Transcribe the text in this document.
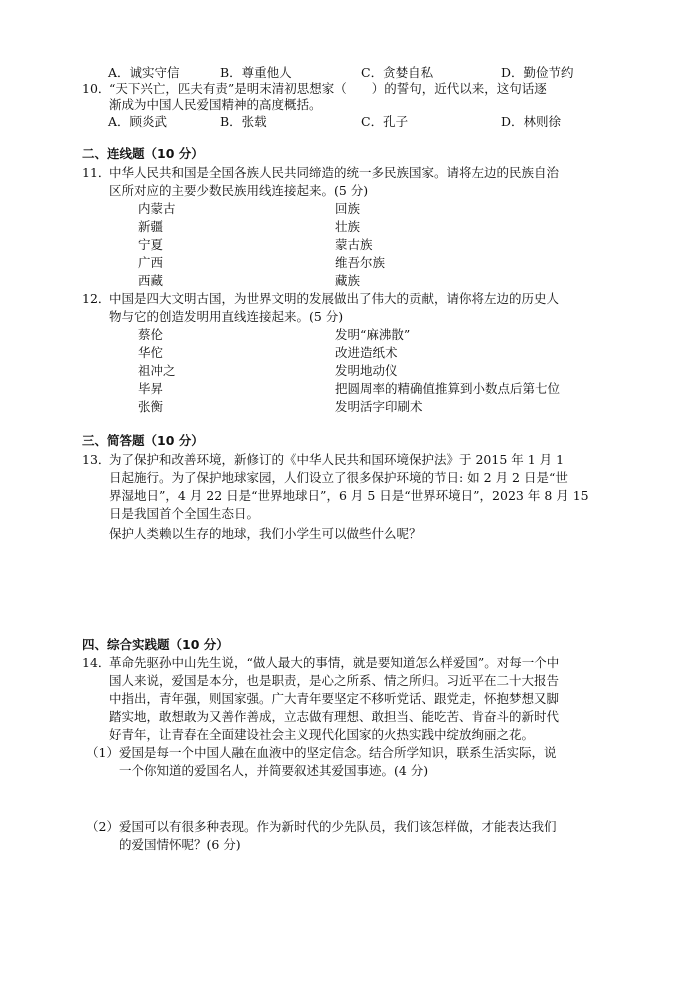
A．诚实守信	B．尊重他人	C．贪婪自私	D．勤俭节约
10．
“天下兴亡，匹夫有责”是明末清初思想家（　　）的誓句，近代以来，这句话逐
渐成为中国人民爱国精神的高度概括。
A．顾炎武	B．张载	C．孔子	D．林则徐
二、连线题（10 分）
11．
中华人民共和国是全国各族人民共同缔造的统一多民族国家。请将左边的民族自治
区所对应的主要少数民族用线连接起来。(5 分)
内蒙古	回族
新疆	壮族
宁夏	蒙古族
广西	维吾尔族
西藏	藏族
12．
中国是四大文明古国，为世界文明的发展做出了伟大的贡献，请你将左边的历史人
物与它的创造发明用直线连接起来。(5 分)
蔡伦	发明“麻沸散”
华佗	改进造纸术
祖冲之	发明地动仪
毕昇	把圆周率的精确值推算到小数点后第七位
张衡	发明活字印刷术
三、简答题（10 分）
13．
为了保护和改善环境，新修订的《中华人民共和国环境保护法》于 2015 年 1 月 1
日起施行。为了保护地球家园，人们设立了很多保护环境的节日: 如 2 月 2 日是“世
界湿地日”，4 月 22 日是“世界地球日”，6 月 5 日是“世界环境日”，2023 年 8 月 15
日是我国首个全国生态日。
保护人类赖以生存的地球，我们小学生可以做些什么呢？
四、综合实践题（10 分）
14．
革命先驱孙中山先生说，“做人最大的事情，就是要知道怎么样爱国”。对每一个中
国人来说，爱国是本分，也是职责，是心之所系、情之所归。习近平在二十大报告
中指出，青年强，则国家强。广大青年要坚定不移听党话、跟党走，怀抱梦想又脚
踏实地，敢想敢为又善作善成，立志做有理想、敢担当、能吃苦、肯奋斗的新时代
好青年，让青春在全面建设社会主义现代化国家的火热实践中绽放绚丽之花。
（1） 爱国是每一个中国人融在血液中的坚定信念。结合所学知识，联系生活实际，说
一个你知道的爱国名人，并简要叙述其爱国事迹。(4 分)
（2） 爱国可以有很多种表现。作为新时代的少先队员，我们该怎样做，才能表达我们
的爱国情怀呢？(6 分)
